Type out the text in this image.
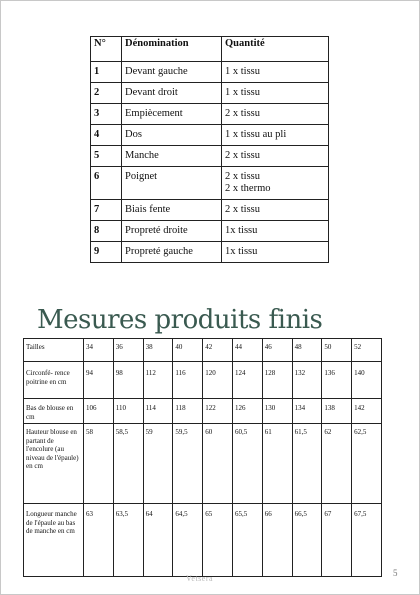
N°	Dénomination	Quantité
1	Devant gauche	1 x tissu
2	Devant droit	1 x tissu
3	Empiècement	2 x tissu
4	Dos	1 x tissu au pli
5	Manche	2 x tissu
6	Poignet	2 x tissu
2 x thermo
7	Biais fente	2 x tissu
8	Propreté droite	1x tissu
9	Propreté gauche	1x tissu
Mesures produits finis
Tailles	34	36	38	40	42	44	46	48	50	52
Circonfé- rence poitrine en cm	94	98	112	116	120	124	128	132	136	140
Bas de blouse en cm	106	110	114	118	122	126	130	134	138	142
Hauteur blouse en partant de l'encolure (au niveau de l'épaule) en cm	58	58,5	59	59,5	60	60,5	61	61,5	62	62,5
Longueur manche de l'épaule au bas de manche en cm	63	63,5	64	64,5	65	65,5	66	66,5	67	67,5
Vetsera
5
